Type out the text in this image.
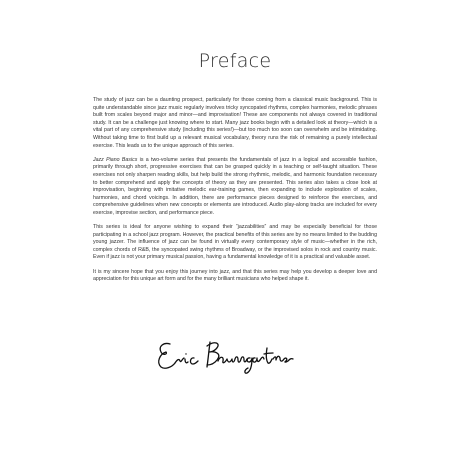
Preface

The study of jazz can be a daunting prospect, particularly for those coming from a classical music background. This is quite understandable since jazz music regularly involves tricky syncopated rhythms, complex harmonies, melodic phrases built from scales beyond major and minor—and improvisation! These are components not always covered in traditional study. It can be a challenge just knowing where to start. Many jazz books begin with a detailed look at theory—which is a vital part of any comprehensive study (including this series!)—but too much too soon can overwhelm and be intimidating. Without taking time to first build up a relevant musical vocabulary, theory runs the risk of remaining a purely intellectual exercise. This leads us to the unique approach of this series.

Jazz Piano Basics is a two-volume series that presents the fundamentals of jazz in a logical and accessible fashion, primarily through short, progressive exercises that can be grasped quickly in a teaching or self-taught situation. These exercises not only sharpen reading skills, but help build the strong rhythmic, melodic, and harmonic foundation necessary to better comprehend and apply the concepts of theory as they are presented. This series also takes a close look at improvisation, beginning with imitative melodic ear-training games, then expanding to include exploration of scales, harmonies, and chord voicings. In addition, there are performance pieces designed to reinforce the exercises, and comprehensive guidelines when new concepts or elements are introduced. Audio play-along tracks are included for every exercise, improvise section, and performance piece.

This series is ideal for anyone wishing to expand their “jazzabilities” and may be especially beneficial for those participating in a school jazz program. However, the practical benefits of this series are by no means limited to the budding young jazzer. The influence of jazz can be found in virtually every contemporary style of music—whether in the rich, complex chords of R&B, the syncopated swing rhythms of Broadway, or the improvised solos in rock and country music. Even if jazz is not your primary musical passion, having a fundamental knowledge of it is a practical and valuable asset.

It is my sincere hope that you enjoy this journey into jazz, and that this series may help you develop a deeper love and appreciation for this unique art form and for the many brilliant musicians who helped shape it.
